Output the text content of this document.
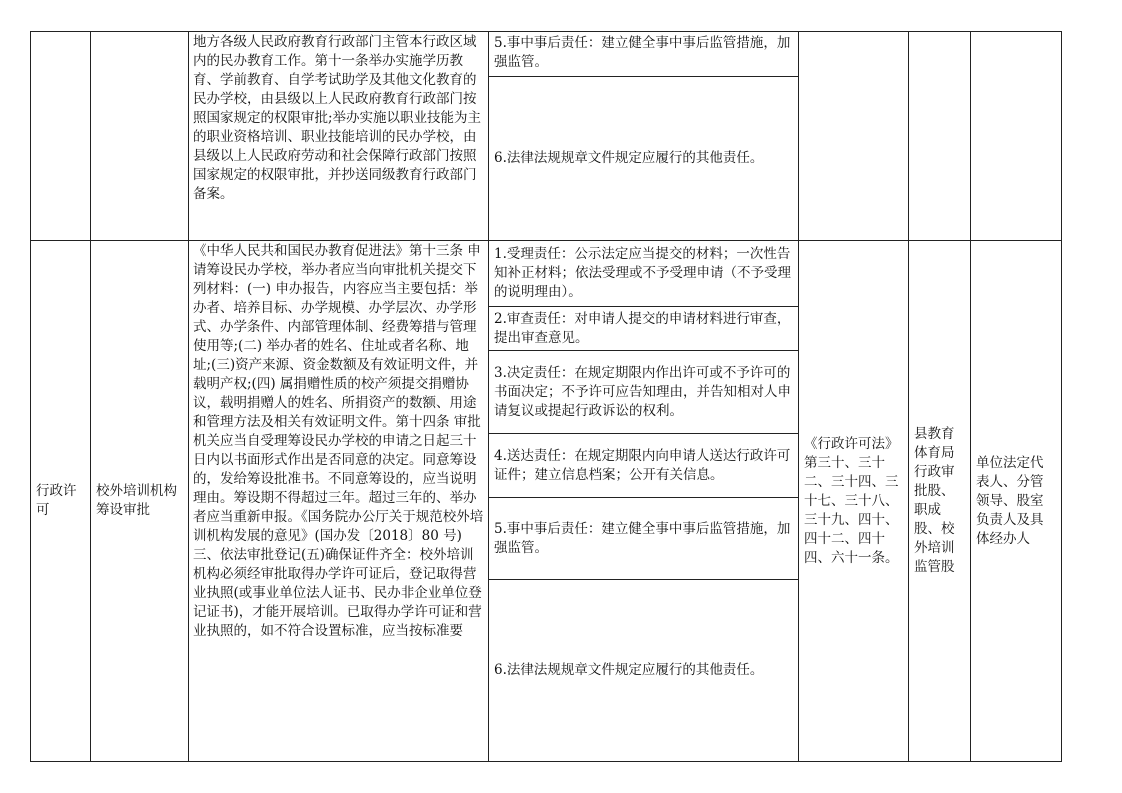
		地方各级人民政府教育行政部门主管本行政区域内的民办教育工作。第十一条举办实施学历教育、学前教育、自学考试助学及其他文化教育的民办学校，由县级以上人民政府教育行政部门按照国家规定的权限审批;举办实施以职业技能为主的职业资格培训、职业技能培训的民办学校，由县级以上人民政府劳动和社会保障行政部门按照国家规定的权限审批，并抄送同级教育行政部门备案。	5.事中事后责任：建立健全事中事后监管措施，加强监管。			
			6.法律法规规章文件规定应履行的其他责任。			
行政许可	校外培训机构筹设审批	《中华人民共和国民办教育促进法》第十三条 申请筹设民办学校，举办者应当向审批机关提交下列材料：(一) 申办报告，内容应当主要包括：举办者、培养目标、办学规模、办学层次、办学形式、办学条件、内部管理体制、经费筹措与管理使用等;(二) 举办者的姓名、住址或者名称、地址;(三)资产来源、资金数额及有效证明文件，并载明产权;(四) 属捐赠性质的校产须提交捐赠协议，载明捐赠人的姓名、所捐资产的数额、用途和管理方法及相关有效证明文件。第十四条 审批机关应当自受理筹设民办学校的申请之日起三十日内以书面形式作出是否同意的决定。同意筹设的，发给筹设批准书。不同意筹设的，应当说明理由。筹设期不得超过三年。超过三年的、举办者应当重新申报。《国务院办公厅关于规范校外培训机构发展的意见》(国办发〔2018〕80 号)三、依法审批登记(五)确保证件齐全：校外培训机构必须经审批取得办学许可证后，登记取得营业执照(或事业单位法人证书、民办非企业单位登记证书)，才能开展培训。已取得办学许可证和营业执照的，如不符合设置标准，应当按标准要	1.受理责任：公示法定应当提交的材料；一次性告知补正材料；依法受理或不予受理申请（不予受理的说明理由）。	《行政许可法》第三十、三十二、三十四、三十七、三十八、三十九、四十、四十二、四十四、六十一条。	县教育体育局行政审批股、职成股、校外培训监管股	单位法定代表人、分管领导、股室负责人及具体经办人
			2.审查责任：对申请人提交的申请材料进行审查，提出审查意见。			
			3.决定责任：在规定期限内作出许可或不予许可的书面决定；不予许可应告知理由，并告知相对人申请复议或提起行政诉讼的权利。			
			4.送达责任：在规定期限内向申请人送达行政许可证件；建立信息档案；公开有关信息。			
			5.事中事后责任：建立健全事中事后监管措施，加强监管。			
			6.法律法规规章文件规定应履行的其他责任。			
